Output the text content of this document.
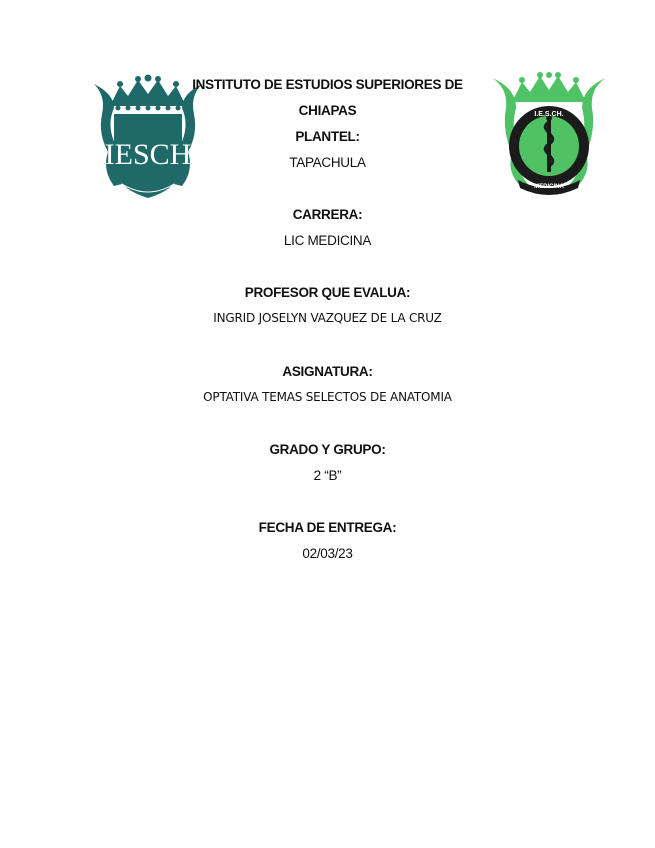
IESCH
I.E.S.CH.
MEDICINA
INSTITUTO DE ESTUDIOS SUPERIORES DE
CHIAPAS
PLANTEL:
TAPACHULA
CARRERA:
LIC MEDICINA
PROFESOR QUE EVALUA:
INGRID JOSELYN VAZQUEZ DE LA CRUZ
ASIGNATURA:
OPTATIVA TEMAS SELECTOS DE ANATOMIA
GRADO Y GRUPO:
2 “B”
FECHA DE ENTREGA:
02/03/23
